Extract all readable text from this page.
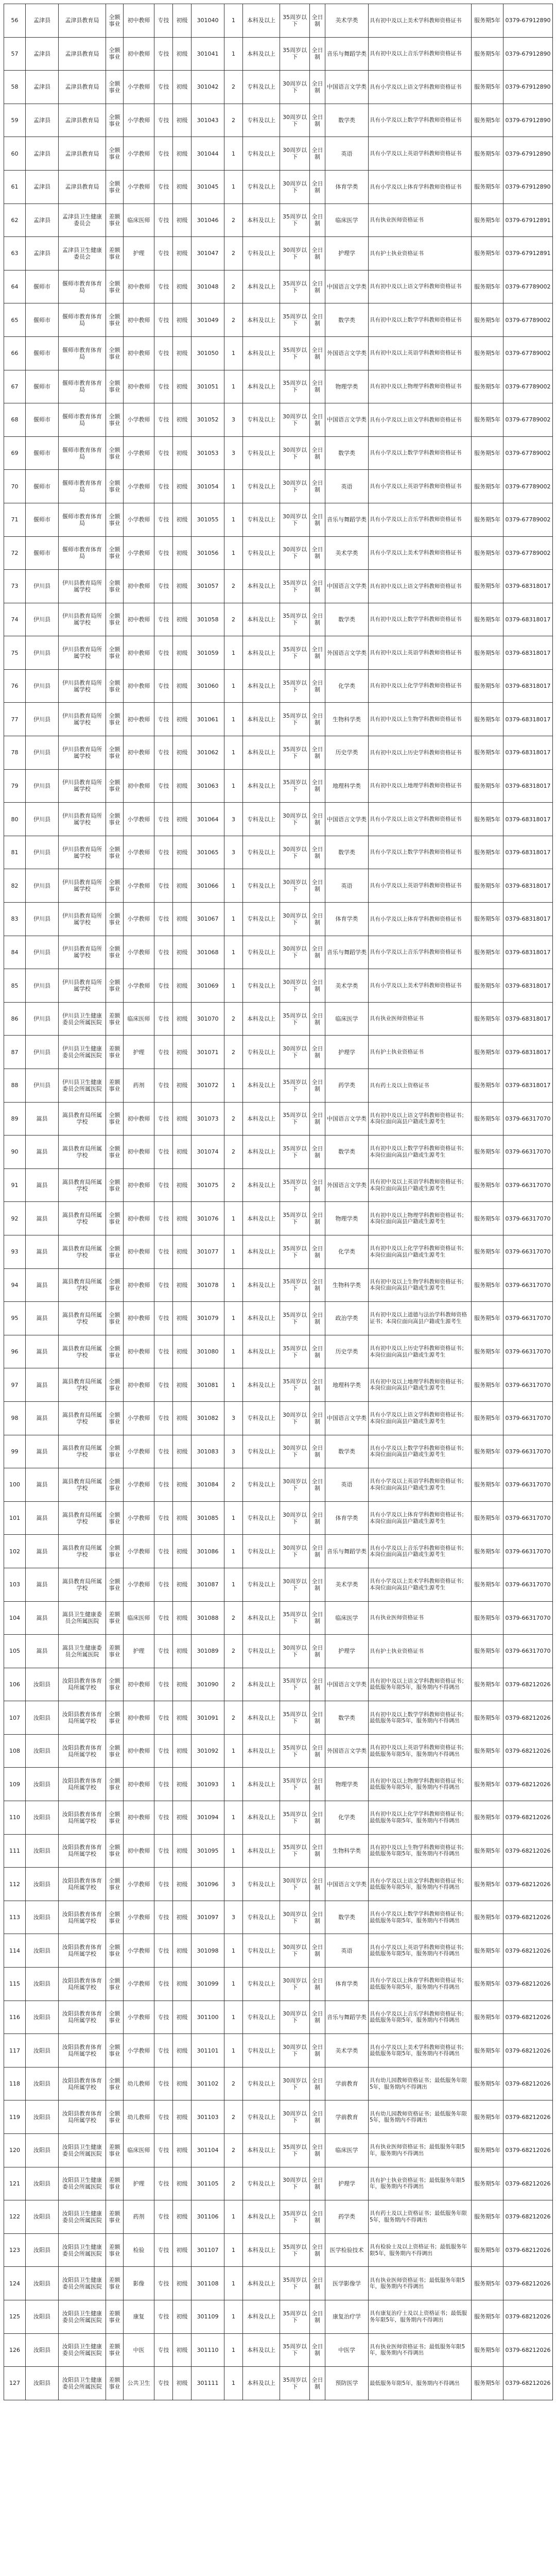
56	孟津县	孟津县教育局	全额事业	初中教师	专技	初级	301040	1	本科及以上	35周岁以下	全日制	美术学类	具有初中及以上美术学科教师资格证书	服务期5年	0379-67912890
57	孟津县	孟津县教育局	全额事业	初中教师	专技	初级	301041	1	本科及以上	35周岁以下	全日制	音乐与舞蹈学类	具有初中及以上音乐学科教师资格证书	服务期5年	0379-67912890
58	孟津县	孟津县教育局	全额事业	小学教师	专技	初级	301042	2	专科及以上	30周岁以下	全日制	中国语言文学类	具有小学及以上语文学科教师资格证书	服务期5年	0379-67912890
59	孟津县	孟津县教育局	全额事业	小学教师	专技	初级	301043	2	专科及以上	30周岁以下	全日制	数学类	具有小学及以上数学学科教师资格证书	服务期5年	0379-67912890
60	孟津县	孟津县教育局	全额事业	小学教师	专技	初级	301044	1	专科及以上	30周岁以下	全日制	英语	具有小学及以上英语学科教师资格证书	服务期5年	0379-67912890
61	孟津县	孟津县教育局	全额事业	小学教师	专技	初级	301045	1	专科及以上	30周岁以下	全日制	体育学类	具有小学及以上体育学科教师资格证书	服务期5年	0379-67912890
62	孟津县	孟津县卫生健康委员会	差额事业	临床医师	专技	初级	301046	2	本科及以上	35周岁以下	全日制	临床医学	具有执业医师资格证书	服务期5年	0379-67912891
63	孟津县	孟津县卫生健康委员会	差额事业	护理	专技	初级	301047	2	专科及以上	30周岁以下	全日制	护理学	具有护士执业资格证书	服务期5年	0379-67912891
64	偃师市	偃师市教育体育局	全额事业	初中教师	专技	初级	301048	2	本科及以上	35周岁以下	全日制	中国语言文学类	具有初中及以上语文学科教师资格证书	服务期5年	0379-67789002
65	偃师市	偃师市教育体育局	全额事业	初中教师	专技	初级	301049	2	本科及以上	35周岁以下	全日制	数学类	具有初中及以上数学学科教师资格证书	服务期5年	0379-67789002
66	偃师市	偃师市教育体育局	全额事业	初中教师	专技	初级	301050	1	本科及以上	35周岁以下	全日制	外国语言文学类	具有初中及以上英语学科教师资格证书	服务期5年	0379-67789002
67	偃师市	偃师市教育体育局	全额事业	初中教师	专技	初级	301051	1	本科及以上	35周岁以下	全日制	物理学类	具有初中及以上物理学科教师资格证书	服务期5年	0379-67789002
68	偃师市	偃师市教育体育局	全额事业	小学教师	专技	初级	301052	3	专科及以上	30周岁以下	全日制	中国语言文学类	具有小学及以上语文学科教师资格证书	服务期5年	0379-67789002
69	偃师市	偃师市教育体育局	全额事业	小学教师	专技	初级	301053	3	专科及以上	30周岁以下	全日制	数学类	具有小学及以上数学学科教师资格证书	服务期5年	0379-67789002
70	偃师市	偃师市教育体育局	全额事业	小学教师	专技	初级	301054	1	专科及以上	30周岁以下	全日制	英语	具有小学及以上英语学科教师资格证书	服务期5年	0379-67789002
71	偃师市	偃师市教育体育局	全额事业	小学教师	专技	初级	301055	1	专科及以上	30周岁以下	全日制	音乐与舞蹈学类	具有小学及以上音乐学科教师资格证书	服务期5年	0379-67789002
72	偃师市	偃师市教育体育局	全额事业	小学教师	专技	初级	301056	1	专科及以上	30周岁以下	全日制	美术学类	具有小学及以上美术学科教师资格证书	服务期5年	0379-67789002
73	伊川县	伊川县教育局所属学校	全额事业	初中教师	专技	初级	301057	2	本科及以上	35周岁以下	全日制	中国语言文学类	具有初中及以上语文学科教师资格证书	服务期5年	0379-68318017
74	伊川县	伊川县教育局所属学校	全额事业	初中教师	专技	初级	301058	2	本科及以上	35周岁以下	全日制	数学类	具有初中及以上数学学科教师资格证书	服务期5年	0379-68318017
75	伊川县	伊川县教育局所属学校	全额事业	初中教师	专技	初级	301059	1	本科及以上	35周岁以下	全日制	外国语言文学类	具有初中及以上英语学科教师资格证书	服务期5年	0379-68318017
76	伊川县	伊川县教育局所属学校	全额事业	初中教师	专技	初级	301060	1	本科及以上	35周岁以下	全日制	化学类	具有初中及以上化学学科教师资格证书	服务期5年	0379-68318017
77	伊川县	伊川县教育局所属学校	全额事业	初中教师	专技	初级	301061	1	本科及以上	35周岁以下	全日制	生物科学类	具有初中及以上生物学科教师资格证书	服务期5年	0379-68318017
78	伊川县	伊川县教育局所属学校	全额事业	初中教师	专技	初级	301062	1	本科及以上	35周岁以下	全日制	历史学类	具有初中及以上历史学科教师资格证书	服务期5年	0379-68318017
79	伊川县	伊川县教育局所属学校	全额事业	初中教师	专技	初级	301063	1	本科及以上	35周岁以下	全日制	地理科学类	具有初中及以上地理学科教师资格证书	服务期5年	0379-68318017
80	伊川县	伊川县教育局所属学校	全额事业	小学教师	专技	初级	301064	3	专科及以上	30周岁以下	全日制	中国语言文学类	具有小学及以上语文学科教师资格证书	服务期5年	0379-68318017
81	伊川县	伊川县教育局所属学校	全额事业	小学教师	专技	初级	301065	3	专科及以上	30周岁以下	全日制	数学类	具有小学及以上数学学科教师资格证书	服务期5年	0379-68318017
82	伊川县	伊川县教育局所属学校	全额事业	小学教师	专技	初级	301066	1	专科及以上	30周岁以下	全日制	英语	具有小学及以上英语学科教师资格证书	服务期5年	0379-68318017
83	伊川县	伊川县教育局所属学校	全额事业	小学教师	专技	初级	301067	1	专科及以上	30周岁以下	全日制	体育学类	具有小学及以上体育学科教师资格证书	服务期5年	0379-68318017
84	伊川县	伊川县教育局所属学校	全额事业	小学教师	专技	初级	301068	1	专科及以上	30周岁以下	全日制	音乐与舞蹈学类	具有小学及以上音乐学科教师资格证书	服务期5年	0379-68318017
85	伊川县	伊川县教育局所属学校	全额事业	小学教师	专技	初级	301069	1	专科及以上	30周岁以下	全日制	美术学类	具有小学及以上美术学科教师资格证书	服务期5年	0379-68318017
86	伊川县	伊川县卫生健康委员会所属医院	差额事业	临床医师	专技	初级	301070	2	本科及以上	35周岁以下	全日制	临床医学	具有执业医师资格证书	服务期5年	0379-68318017
87	伊川县	伊川县卫生健康委员会所属医院	差额事业	护理	专技	初级	301071	2	专科及以上	30周岁以下	全日制	护理学	具有护士执业资格证书	服务期5年	0379-68318017
88	伊川县	伊川县卫生健康委员会所属医院	差额事业	药剂	专技	初级	301072	1	本科及以上	35周岁以下	全日制	药学类	具有药士及以上资格证书	服务期5年	0379-68318017
89	嵩县	嵩县教育局所属学校	全额事业	初中教师	专技	初级	301073	2	本科及以上	35周岁以下	全日制	中国语言文学类	具有初中及以上语文学科教师资格证书；本岗位面向嵩县户籍或生源考生	服务期5年	0379-66317070
90	嵩县	嵩县教育局所属学校	全额事业	初中教师	专技	初级	301074	2	本科及以上	35周岁以下	全日制	数学类	具有初中及以上数学学科教师资格证书；本岗位面向嵩县户籍或生源考生	服务期5年	0379-66317070
91	嵩县	嵩县教育局所属学校	全额事业	初中教师	专技	初级	301075	2	本科及以上	35周岁以下	全日制	外国语言文学类	具有初中及以上英语学科教师资格证书；本岗位面向嵩县户籍或生源考生	服务期5年	0379-66317070
92	嵩县	嵩县教育局所属学校	全额事业	初中教师	专技	初级	301076	1	本科及以上	35周岁以下	全日制	物理学类	具有初中及以上物理学科教师资格证书；本岗位面向嵩县户籍或生源考生	服务期5年	0379-66317070
93	嵩县	嵩县教育局所属学校	全额事业	初中教师	专技	初级	301077	1	本科及以上	35周岁以下	全日制	化学类	具有初中及以上化学学科教师资格证书；本岗位面向嵩县户籍或生源考生	服务期5年	0379-66317070
94	嵩县	嵩县教育局所属学校	全额事业	初中教师	专技	初级	301078	1	本科及以上	35周岁以下	全日制	生物科学类	具有初中及以上生物学科教师资格证书；本岗位面向嵩县户籍或生源考生	服务期5年	0379-66317070
95	嵩县	嵩县教育局所属学校	全额事业	初中教师	专技	初级	301079	1	本科及以上	35周岁以下	全日制	政治学类	具有初中及以上道德与法治学科教师资格证书；本岗位面向嵩县户籍或生源考生	服务期5年	0379-66317070
96	嵩县	嵩县教育局所属学校	全额事业	初中教师	专技	初级	301080	1	本科及以上	35周岁以下	全日制	历史学类	具有初中及以上历史学科教师资格证书；本岗位面向嵩县户籍或生源考生	服务期5年	0379-66317070
97	嵩县	嵩县教育局所属学校	全额事业	初中教师	专技	初级	301081	1	本科及以上	35周岁以下	全日制	地理科学类	具有初中及以上地理学科教师资格证书；本岗位面向嵩县户籍或生源考生	服务期5年	0379-66317070
98	嵩县	嵩县教育局所属学校	全额事业	小学教师	专技	初级	301082	3	专科及以上	30周岁以下	全日制	中国语言文学类	具有小学及以上语文学科教师资格证书；本岗位面向嵩县户籍或生源考生	服务期5年	0379-66317070
99	嵩县	嵩县教育局所属学校	全额事业	小学教师	专技	初级	301083	3	专科及以上	30周岁以下	全日制	数学类	具有小学及以上数学学科教师资格证书；本岗位面向嵩县户籍或生源考生	服务期5年	0379-66317070
100	嵩县	嵩县教育局所属学校	全额事业	小学教师	专技	初级	301084	2	专科及以上	30周岁以下	全日制	英语	具有小学及以上英语学科教师资格证书；本岗位面向嵩县户籍或生源考生	服务期5年	0379-66317070
101	嵩县	嵩县教育局所属学校	全额事业	小学教师	专技	初级	301085	1	专科及以上	30周岁以下	全日制	体育学类	具有小学及以上体育学科教师资格证书；本岗位面向嵩县户籍或生源考生	服务期5年	0379-66317070
102	嵩县	嵩县教育局所属学校	全额事业	小学教师	专技	初级	301086	1	专科及以上	30周岁以下	全日制	音乐与舞蹈学类	具有小学及以上音乐学科教师资格证书；本岗位面向嵩县户籍或生源考生	服务期5年	0379-66317070
103	嵩县	嵩县教育局所属学校	全额事业	小学教师	专技	初级	301087	1	专科及以上	30周岁以下	全日制	美术学类	具有小学及以上美术学科教师资格证书；本岗位面向嵩县户籍或生源考生	服务期5年	0379-66317070
104	嵩县	嵩县卫生健康委员会所属医院	差额事业	临床医师	专技	初级	301088	2	本科及以上	35周岁以下	全日制	临床医学	具有执业医师资格证书	服务期5年	0379-66317070
105	嵩县	嵩县卫生健康委员会所属医院	差额事业	护理	专技	初级	301089	2	专科及以上	30周岁以下	全日制	护理学	具有护士执业资格证书	服务期5年	0379-66317070
106	汝阳县	汝阳县教育体育局所属学校	全额事业	初中教师	专技	初级	301090	2	本科及以上	35周岁以下	全日制	中国语言文学类	具有初中及以上语文学科教师资格证书；最低服务年限5年，服务期内不得调出	服务期5年	0379-68212026
107	汝阳县	汝阳县教育体育局所属学校	全额事业	初中教师	专技	初级	301091	2	本科及以上	35周岁以下	全日制	数学类	具有初中及以上数学学科教师资格证书；最低服务年限5年，服务期内不得调出	服务期5年	0379-68212026
108	汝阳县	汝阳县教育体育局所属学校	全额事业	初中教师	专技	初级	301092	1	本科及以上	35周岁以下	全日制	外国语言文学类	具有初中及以上英语学科教师资格证书；最低服务年限5年，服务期内不得调出	服务期5年	0379-68212026
109	汝阳县	汝阳县教育体育局所属学校	全额事业	初中教师	专技	初级	301093	1	本科及以上	35周岁以下	全日制	物理学类	具有初中及以上物理学科教师资格证书；最低服务年限5年，服务期内不得调出	服务期5年	0379-68212026
110	汝阳县	汝阳县教育体育局所属学校	全额事业	初中教师	专技	初级	301094	1	本科及以上	35周岁以下	全日制	化学类	具有初中及以上化学学科教师资格证书；最低服务年限5年，服务期内不得调出	服务期5年	0379-68212026
111	汝阳县	汝阳县教育体育局所属学校	全额事业	初中教师	专技	初级	301095	1	本科及以上	35周岁以下	全日制	生物科学类	具有初中及以上生物学科教师资格证书；最低服务年限5年，服务期内不得调出	服务期5年	0379-68212026
112	汝阳县	汝阳县教育体育局所属学校	全额事业	小学教师	专技	初级	301096	3	专科及以上	30周岁以下	全日制	中国语言文学类	具有小学及以上语文学科教师资格证书；最低服务年限5年，服务期内不得调出	服务期5年	0379-68212026
113	汝阳县	汝阳县教育体育局所属学校	全额事业	小学教师	专技	初级	301097	3	专科及以上	30周岁以下	全日制	数学类	具有小学及以上数学学科教师资格证书；最低服务年限5年，服务期内不得调出	服务期5年	0379-68212026
114	汝阳县	汝阳县教育体育局所属学校	全额事业	小学教师	专技	初级	301098	1	专科及以上	30周岁以下	全日制	英语	具有小学及以上英语学科教师资格证书；最低服务年限5年，服务期内不得调出	服务期5年	0379-68212026
115	汝阳县	汝阳县教育体育局所属学校	全额事业	小学教师	专技	初级	301099	1	专科及以上	30周岁以下	全日制	体育学类	具有小学及以上体育学科教师资格证书；最低服务年限5年，服务期内不得调出	服务期5年	0379-68212026
116	汝阳县	汝阳县教育体育局所属学校	全额事业	小学教师	专技	初级	301100	1	专科及以上	30周岁以下	全日制	音乐与舞蹈学类	具有小学及以上音乐学科教师资格证书；最低服务年限5年，服务期内不得调出	服务期5年	0379-68212026
117	汝阳县	汝阳县教育体育局所属学校	全额事业	小学教师	专技	初级	301101	1	专科及以上	30周岁以下	全日制	美术学类	具有小学及以上美术学科教师资格证书；最低服务年限5年，服务期内不得调出	服务期5年	0379-68212026
118	汝阳县	汝阳县教育体育局所属学校	全额事业	幼儿教师	专技	初级	301102	2	专科及以上	30周岁以下	全日制	学前教育	具有幼儿园教师资格证书；最低服务年限5年，服务期内不得调出	服务期5年	0379-68212026
119	汝阳县	汝阳县教育体育局所属学校	全额事业	幼儿教师	专技	初级	301103	2	专科及以上	30周岁以下	全日制	学前教育	具有幼儿园教师资格证书；最低服务年限5年，服务期内不得调出	服务期5年	0379-68212026
120	汝阳县	汝阳县卫生健康委员会所属医院	差额事业	临床医师	专技	初级	301104	2	本科及以上	35周岁以下	全日制	临床医学	具有执业医师资格证书；最低服务年限5年，服务期内不得调出	服务期5年	0379-68212026
121	汝阳县	汝阳县卫生健康委员会所属医院	差额事业	护理	专技	初级	301105	2	专科及以上	30周岁以下	全日制	护理学	具有护士执业资格证书；最低服务年限5年，服务期内不得调出	服务期5年	0379-68212026
122	汝阳县	汝阳县卫生健康委员会所属医院	差额事业	药剂	专技	初级	301106	1	本科及以上	35周岁以下	全日制	药学类	具有药士及以上资格证书；最低服务年限5年，服务期内不得调出	服务期5年	0379-68212026
123	汝阳县	汝阳县卫生健康委员会所属医院	差额事业	检验	专技	初级	301107	1	本科及以上	35周岁以下	全日制	医学检验技术	具有检验士及以上资格证书；最低服务年限5年，服务期内不得调出	服务期5年	0379-68212026
124	汝阳县	汝阳县卫生健康委员会所属医院	差额事业	影像	专技	初级	301108	1	本科及以上	35周岁以下	全日制	医学影像学	具有执业医师资格证书；最低服务年限5年，服务期内不得调出	服务期5年	0379-68212026
125	汝阳县	汝阳县卫生健康委员会所属医院	差额事业	康复	专技	初级	301109	1	本科及以上	35周岁以下	全日制	康复治疗学	具有康复治疗士及以上资格证书；最低服务年限5年，服务期内不得调出	服务期5年	0379-68212026
126	汝阳县	汝阳县卫生健康委员会所属医院	差额事业	中医	专技	初级	301110	1	本科及以上	35周岁以下	全日制	中医学	具有执业医师资格证书；最低服务年限5年，服务期内不得调出	服务期5年	0379-68212026
127	汝阳县	汝阳县卫生健康委员会所属医院	差额事业	公共卫生	专技	初级	301111	1	本科及以上	35周岁以下	全日制	预防医学	最低服务年限5年，服务期内不得调出	服务期5年	0379-68212026
